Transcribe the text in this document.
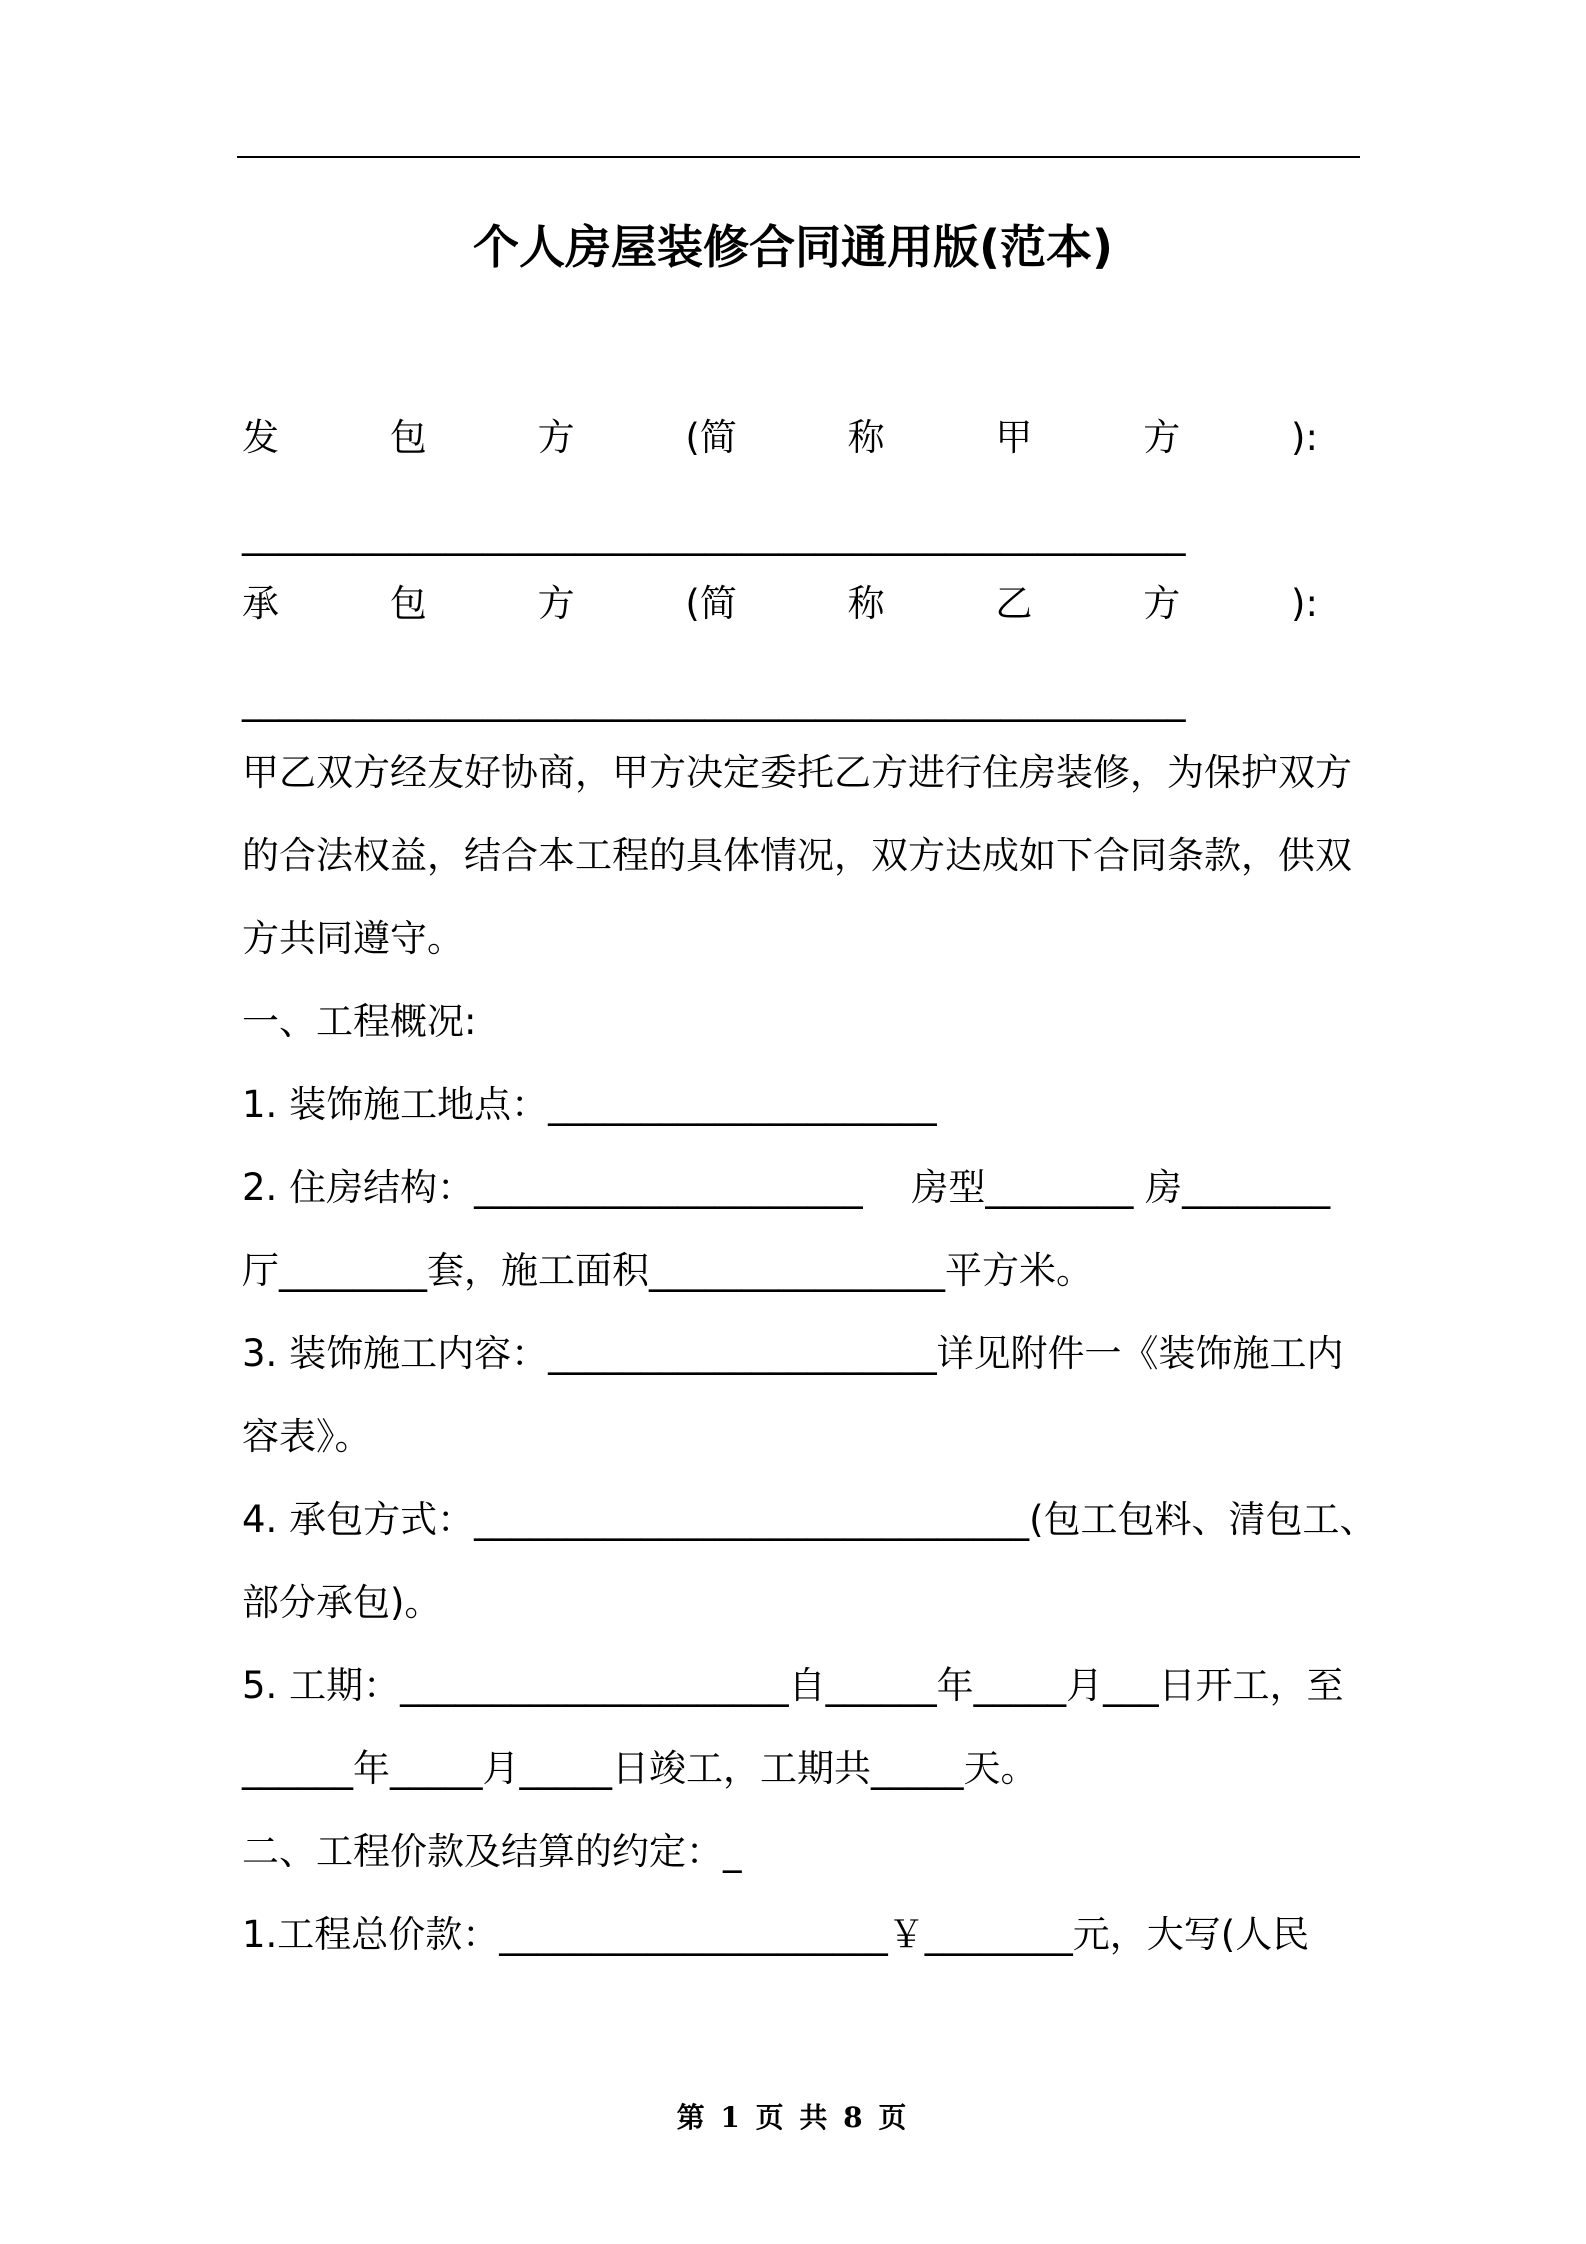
个人房屋装修合同通用版(范本)
发	包	方	(简	称	甲	方	):
___________________________________________________
承	包	方	(简	称	乙	方	):
___________________________________________________
甲乙双方经友好协商，甲方决定委托乙方进行住房装修，为保护双方
的合法权益，结合本工程的具体情况，双方达成如下合同条款，供双
方共同遵守。
一、工程概况:
1. 装饰施工地点：_____________________
2. 住房结构：_____________________　 房型________ 房________
厅________套，施工面积________________平方米。
3. 装饰施工内容：_____________________详见附件一《装饰施工内
容表》。
4. 承包方式：______________________________(包工包料、清包工、
部分承包)。
5. 工期：_____________________自______年_____月___日开工，至
______年_____月_____日竣工，工期共_____天。
二、工程价款及结算的约定：_
1.工程总价款：_____________________￥________元，大写(人民
第 1 页 共 8 页
